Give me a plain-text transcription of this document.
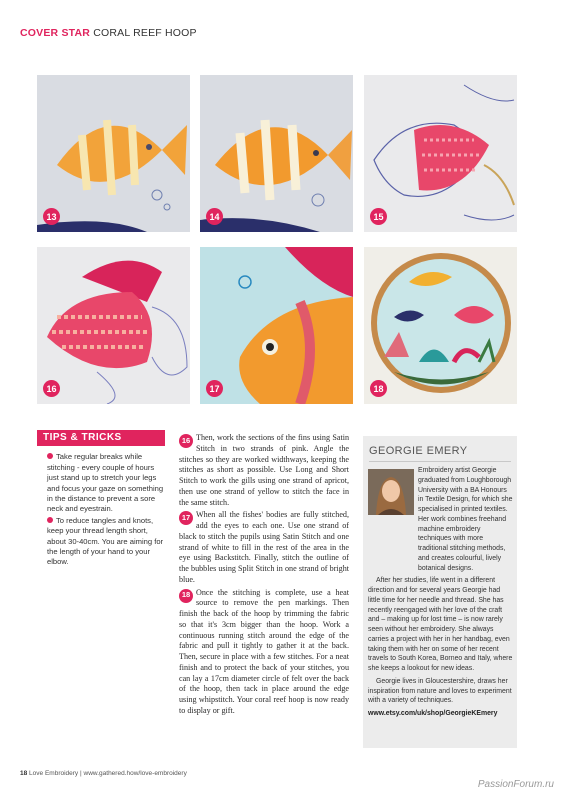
COVER STAR CORAL REEF HOOP
13	14	15
16	17	18
TIPS & TRICKS

Take regular breaks while stitching - every couple of hours just stand up to stretch your legs and focus your gaze on something in the distance to prevent a sore neck and eyestrain.

To reduce tangles and knots, keep your thread length short, about 30-40cm. You are aiming for the length of your hand to your elbow.

16 Then, work the sections of the fins using Satin Stitch in two strands of pink. Angle the stitches so they are worked widthways, keeping the stitches as short as possible. Use Long and Short Stitch to work the gills using one strand of apricot, then use one strand of yellow to stitch the face in the same stitch.

17 When all the fishes' bodies are fully stitched, add the eyes to each one. Use one strand of black to stitch the pupils using Satin Stitch and one strand of white to fill in the rest of the area in the eye using Backstitch. Finally, stitch the outline of the bubbles using Split Stitch in one strand of bright blue.

18 Once the stitching is complete, use a heat source to remove the pen markings. Then finish the back of the hoop by trimming the fabric so that it's 3cm bigger than the hoop. Work a continuous running stitch around the edge of the fabric and pull it tightly to gather it at the back. Then, secure in place with a few stitches. For a neat finish and to protect the back of your stitches, you can lay a 17cm diameter circle of felt over the back of the hoop, then tack in place around the edge using whipstitch. Your coral reef hoop is now ready to display or gift.

GEORGIE EMERY

Embroidery artist Georgie graduated from Loughborough University with a BA Honours in Textile Design, for which she specialised in printed textiles. Her work combines freehand machine embroidery techniques with more traditional stitching methods, and creates colourful, lively botanical designs.

After her studies, life went in a different direction and for several years Georgie had little time for her needle and thread. She has recently reengaged with her love of the craft and – making up for lost time – is now rarely seen without her embroidery. She always carries a project with her in her handbag, even taking them with her on some of her recent travels to South Korea, Borneo and Italy, where she keeps a lookout for new ideas.

Georgie lives in Gloucestershire, draws her inspiration from nature and loves to experiment with a variety of techniques.

www.etsy.com/uk/shop/GeorgieKEmery

18 Love Embroidery | www.gathered.how/love-embroidery
PassionForum.ru
